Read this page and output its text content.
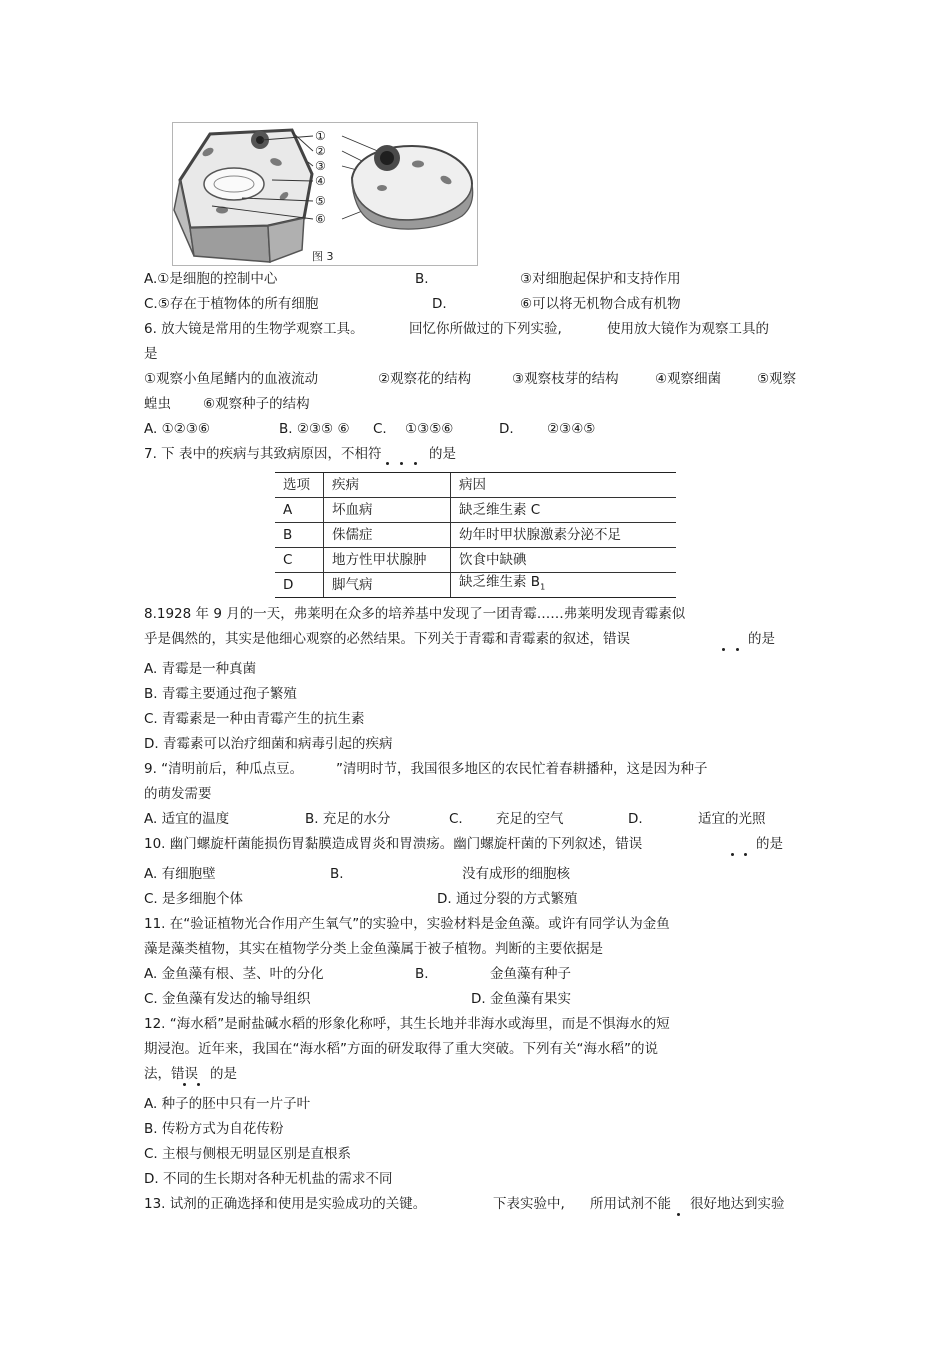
①
②
③
④
⑤
⑥
图 3
A.①是细胞的控制中心	B.	③对细胞起保护和支持作用
C.⑤存在于植物体的所有细胞	D.	⑥可以将无机物合成有机物
6. 放大镜是常用的生物学观察工具。	回忆你所做过的下列实验,	使用放大镜作为观察工具的
是
①观察小鱼尾鳍内的血液流动	②观察花的结构	③观察枝芽的结构	④观察细菌	⑤观察
蝗虫 ⑥观察种子的结构
A. ①②③⑥	B. ②③⑤ ⑥ C. ①③⑤⑥	D. ②③④⑤
7. 下 表中的疾病与其致病原因，不相符	的是
选项	疾病	病因
A	坏血病	缺乏维生素 C
B	侏儒症	幼年时甲状腺激素分泌不足
C	地方性甲状腺肿	饮食中缺碘
D	脚气病	缺乏维生素 $B_1$
8.1928 年 9 月的一天，弗莱明在众多的培养基中发现了一团青霉……弗莱明发现青霉素似
乎是偶然的，其实是他细心观察的必然结果。下列关于青霉和青霉素的叙述，错误	的是
A. 青霉是一种真菌
B. 青霉主要通过孢子繁殖
C. 青霉素是一种由青霉产生的抗生素
D. 青霉素可以治疗细菌和病毒引起的疾病
9. “清明前后，种瓜点豆。 ”清明时节，我国很多地区的农民忙着春耕播种，这是因为种子
的萌发需要
A. 适宜的温度	B. 充足的水分	C. 充足的空气	D.	适宜的光照
10. 幽门螺旋杆菌能损伤胃黏膜造成胃炎和胃溃疡。幽门螺旋杆菌的下列叙述，错误	的是
A. 有细胞壁	B.	没有成形的细胞核
C. 是多细胞个体	D. 通过分裂的方式繁殖
11. 在“验证植物光合作用产生氧气”的实验中，实验材料是金鱼藻。或许有同学认为金鱼
藻是藻类植物，其实在植物学分类上金鱼藻属于被子植物。判断的主要依据是
A. 金鱼藻有根、茎、叶的分化	B.	金鱼藻有种子
C. 金鱼藻有发达的输导组织	D. 金鱼藻有果实
12. “海水稻”是耐盐碱水稻的形象化称呼，其生长地并非海水或海里，而是不惧海水的短
期浸泡。近年来，我国在“海水稻”方面的研发取得了重大突破。下列有关“海水稻”的说
法，错误 的是
A. 种子的胚中只有一片子叶
B. 传粉方式为自花传粉
C. 主根与侧根无明显区别是直根系
D. 不同的生长期对各种无机盐的需求不同
13. 试剂的正确选择和使用是实验成功的关键。	下表实验中, 所用试剂不能 很好地达到实验
